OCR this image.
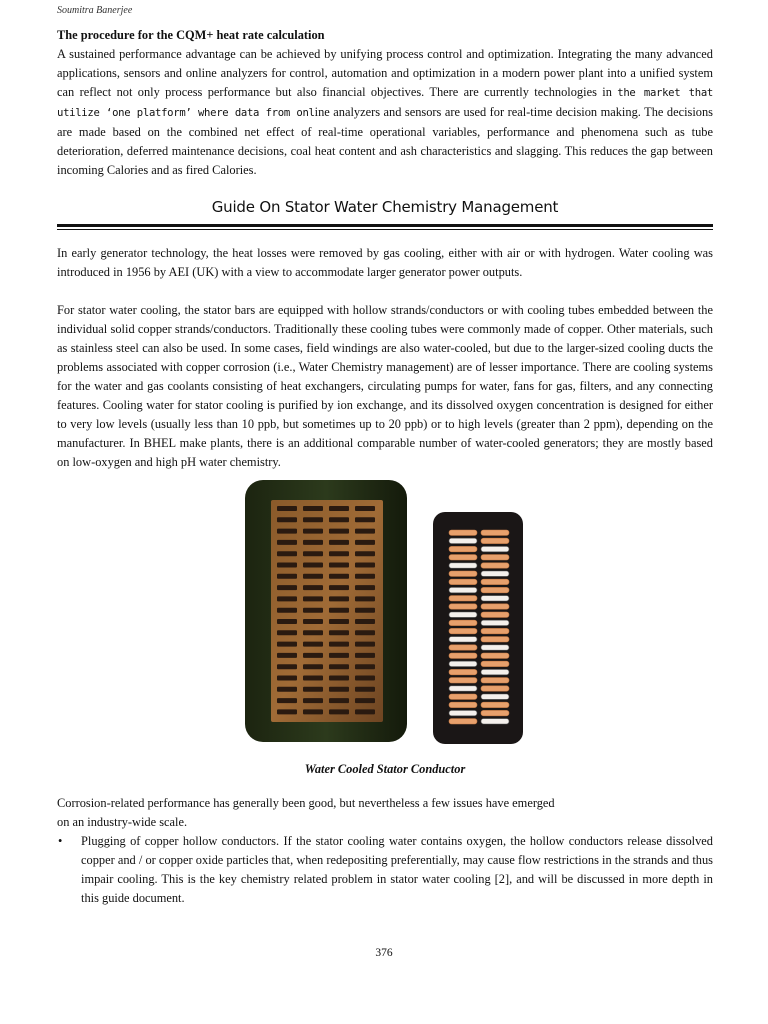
Soumitra Banerjee

The procedure for the CQM+ heat rate calculation

A sustained performance advantage can be achieved by unifying process control and optimization. Integrating the many advanced applications, sensors and online analyzers for control, automation and optimization in a modern power plant into a unified system can reflect not only process performance but also financial objectives. There are currently technologies in the market that utilize ‘one platform’ where data from online analyzers and sensors are used for real-time decision making. The decisions are made based on the combined net effect of real-time operational variables, performance and phenomena such as tube deterioration, deferred maintenance decisions, coal heat content and ash characteristics and slagging. This reduces the gap between incoming Calories and as fired Calories.

Guide On Stator Water Chemistry Management
In early generator technology, the heat losses were removed by gas cooling, either with air or with hydrogen. Water cooling was introduced in 1956 by AEI (UK) with a view to accommodate larger generator power outputs.
For stator water cooling, the stator bars are equipped with hollow strands/conductors or with cooling tubes embedded between the individual solid copper strands/conductors. Traditionally these cooling tubes were commonly made of copper. Other materials, such as stainless steel can also be used. In some cases, field windings are also water-cooled, but due to the larger-sized cooling ducts the problems associated with copper corrosion (i.e., Water Chemistry management) are of lesser importance. There are cooling systems for the water and gas coolants consisting of heat exchangers, circulating pumps for water, fans for gas, filters, and any connecting features. Cooling water for stator cooling is purified by ion exchange, and its dissolved oxygen concentration is designed for either to very low levels (usually less than 10 ppb, but sometimes up to 20 ppb) or to high levels (greater than 2 ppm), depending on the manufacturer. In BHEL make plants, there is an additional comparable number of water-cooled generators; they are mostly based on low-oxygen and high pH water chemistry.
Water Cooled Stator Conductor

Corrosion-related performance has generally been good, but nevertheless a few issues have emerged

on an industry-wide scale.

• Plugging of copper hollow conductors. If the stator cooling water contains oxygen, the hollow conductors release dissolved copper and / or copper oxide particles that, when redepositing preferentially, may cause flow restrictions in the strands and thus impair cooling. This is the key chemistry related problem in stator water cooling [2], and will be discussed in more depth in this guide document.
376
